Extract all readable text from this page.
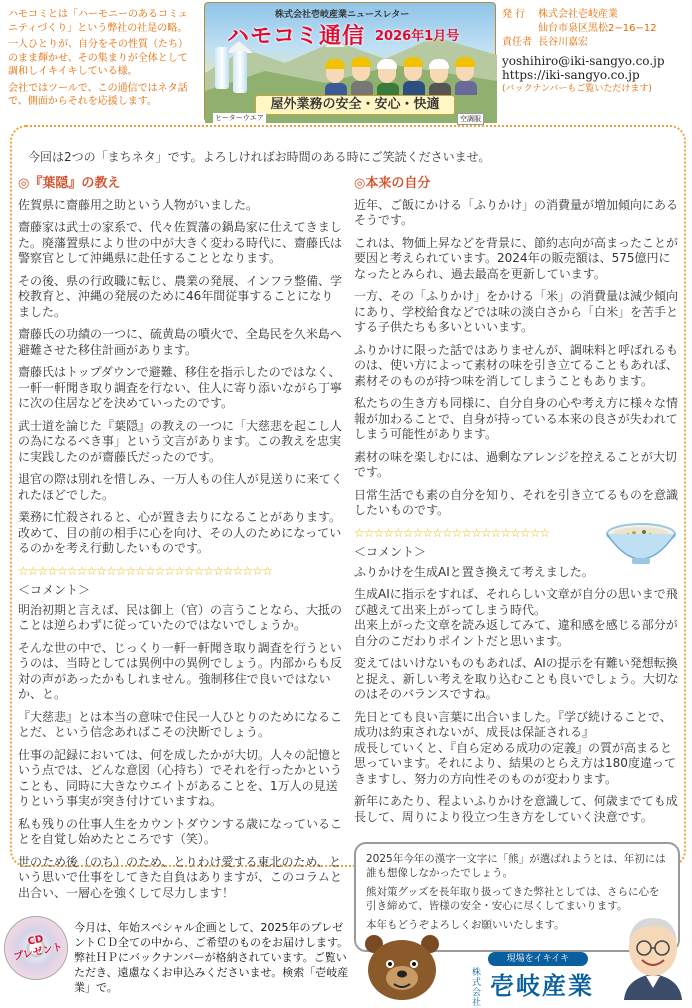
ハモコミとは「ハーモニーのあるコミュニティづくり」という弊社の社是の略。

一人ひとりが、自分をその性質（たち）のまま輝かせ、その集まりが全体として調和しイキイキしている様。

会社ではツールで、この通信ではネタ話で、側面からそれを応援します。

株式会社壱岐産業ニュースレター
ハモコミ通信 2026年1月号
屋外業務の安全・安心・快適
ヒーターウエア	空調服
発 行	株式会社壱岐産業
仙台市泉区黒松2−16−12
責任者 長谷川嘉宏
yoshihiro@iki-sangyo.co.jp
https://iki-sangyo.co.jp
(バックナンバーもご覧いただけます)
今回は2つの「まちネタ」です。よろしければお時間のある時にご笑読くださいませ。
◎『葉隠』の教え

佐賀県に齋藤用之助という人物がいました。

齋藤家は武士の家系で、代々佐賀藩の鍋島家に仕えてきました。廃藩置県により世の中が大きく変わる時代に、齋藤氏は警察官として沖縄県に赴任することとなります。

その後、県の行政職に転じ、農業の発展、インフラ整備、学校教育と、沖縄の発展のために46年間従事することになりました。

齋藤氏の功績の一つに、硫黄島の噴火で、全島民を久米島へ避難させた移住計画があります。

齋藤氏はトップダウンで避難、移住を指示したのではなく、一軒一軒聞き取り調査を行ない、住人に寄り添いながら丁寧に次の住居などを決めていったのです。

武士道を論じた『葉隠』の教えの一つに「大慈悲を起こし人の為になるべき事」という文言があります。この教えを忠実に実践したのが齋藤氏だったのです。

退官の際は別れを惜しみ、一万人もの住人が見送りに来てくれたほどでした。

業務に忙殺されると、心が置き去りになることがあります。改めて、目の前の相手に心を向け、その人のためになっているのかを考え行動したいものです。

☆☆☆☆☆☆☆☆☆☆☆☆☆☆☆☆☆☆☆☆☆☆☆☆☆☆
＜コメント＞

明治初期と言えば、民は御上（官）の言うことなら、大抵のことは逆らわずに従っていたのではないでしょうか。

そんな世の中で、じっくり一軒一軒聞き取り調査を行うというのは、当時としては異例中の異例でしょう。内部からも反対の声があったかもしれません。強制移住で良いではないか、と。

『大慈悲』とは本当の意味で住民一人ひとりのためになることだ、という信念あればこその決断でしょう。

仕事の記録においては、何を成したかが大切。人々の記憶という点では、どんな意図（心持ち）でそれを行ったかということも、同時に大きなウエイトがあることを、1万人の見送りという事実が突き付けていますね。

私も残りの仕事人生をカウントダウンする歳になっていることを自覚し始めたところです（笑）。

世のため後（のち）のため、とりわけ愛する東北のため、という思いで仕事をしてきた自負はありますが、このコラムと出合い、一層心を強くして尽力します！

◎本来の自分

近年、ご飯にかける「ふりかけ」の消費量が増加傾向にあるそうです。

これは、物価上昇などを背景に、節約志向が高まったことが要因と考えられています。2024年の販売額は、575億円になったとみられ、過去最高を更新しています。

一方、その「ふりかけ」をかける「米」の消費量は減少傾向にあり、学校給食などでは味の淡白さから「白米」を苦手とする子供たちも多いといいます。

ふりかけに限った話ではありませんが、調味料と呼ばれるものは、使い方によって素材の味を引き立てることもあれば、素材そのものが持つ味を消してしまうこともあります。

私たちの生き方も同様に、自分自身の心や考え方に様々な情報が加わることで、自身が持っている本来の良さが失われてしまう可能性があります。

素材の味を楽しむには、過剰なアレンジを控えることが大切です。

日常生活でも素の自分を知り、それを引き立てるものを意識したいものです。

☆☆☆☆☆☆☆☆☆☆☆☆☆☆☆☆☆☆☆☆
＜コメント＞

ふりかけを生成AIと置き換えて考えました。

生成AIに指示をすれば、それらしい文章が自分の思いまで飛び越えて出来上がってしまう時代。
出来上がった文章を読み返してみて、違和感を感じる部分が自分のこだわりポイントだと思います。

変えてはいけないものもあれば、AIの提示を有難い発想転換と捉え、新しい考えを取り込むことも良いでしょう。大切なのはそのバランスですね。

先日とても良い言葉に出合いました。『学び続けることで、成功は約束されないが、成長は保証される』
成長していくと、『自ら定める成功の定義』の質が高まると思っています。それにより、結果のとらえ方は180度違ってきますし、努力の方向性そのものが変わります。

新年にあたり、程よいふりかけを意識して、何歳までても成長して、周りにより役立つ生き方をしていく決意です。

2025年今年の漢字一文字に「熊」が選ばれようとは、年初には誰も想像しなかったでしょう。

熊対策グッズを長年取り扱ってきた弊社としては、さらに心を引き締めて、皆様の安全・安心に尽くしてまいります。

本年もどうぞよろしくお願いいたします。

CD
プレゼント
今月は、年始スペシャル企画として、2025年のプレゼントＣＤ全ての中から、ご希望のものをお届けします。弊社ＨＰにバックナンバーが格納されています。ご覧いただき、遠慮なくお申込みくださいませ。検索「壱岐産業」で。
現場をイキイキ
株式会社
壱岐産業
